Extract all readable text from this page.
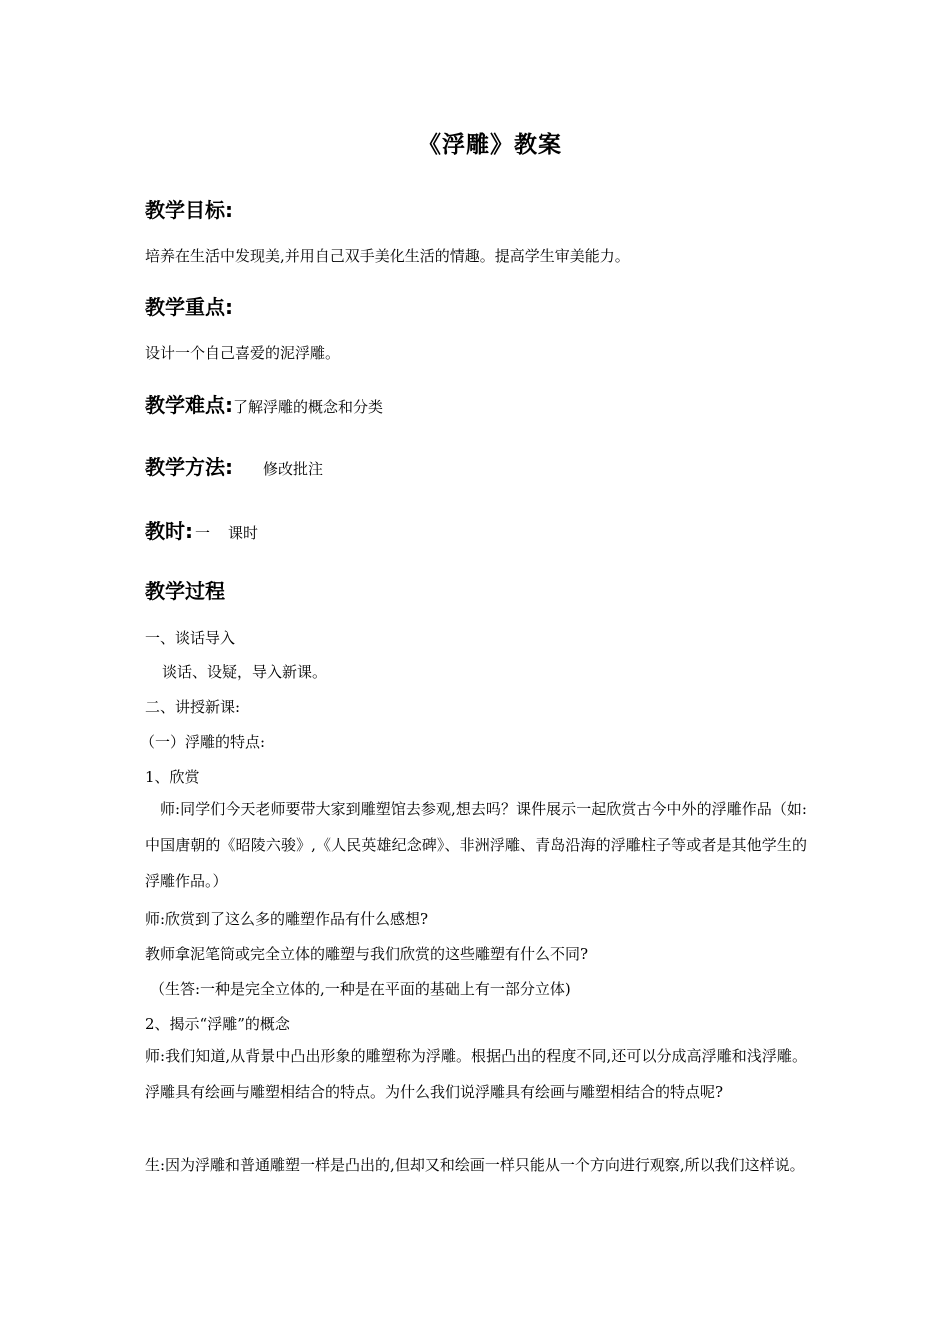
《浮雕》教案
教学目标:
培养在生活中发现美,并用自己双手美化生活的情趣。提高学生审美能力。
教学重点:
设计一个自己喜爱的泥浮雕。
教学难点:了解浮雕的概念和分类
教学方法: 修改批注
教时: 一 课时
教学过程
一、谈话导入
谈话、设疑，导入新课。
二、讲授新课:
（一）浮雕的特点:
1、欣赏
师:同学们今天老师要带大家到雕塑馆去参观,想去吗？课件展示一起欣赏古今中外的浮雕作品（如:中国唐朝的《昭陵六骏》,《人民英雄纪念碑》、非洲浮雕、青岛沿海的浮雕柱子等或者是其他学生的浮雕作品。）
师:欣赏到了这么多的雕塑作品有什么感想?
教师拿泥笔筒或完全立体的雕塑与我们欣赏的这些雕塑有什么不同?
（生答:一种是完全立体的,一种是在平面的基础上有一部分立体)
2、揭示“浮雕”的概念
师:我们知道,从背景中凸出形象的雕塑称为浮雕。根据凸出的程度不同,还可以分成高浮雕和浅浮雕。浮雕具有绘画与雕塑相结合的特点。为什么我们说浮雕具有绘画与雕塑相结合的特点呢?
生:因为浮雕和普通雕塑一样是凸出的,但却又和绘画一样只能从一个方向进行观察,所以我们这样说。
